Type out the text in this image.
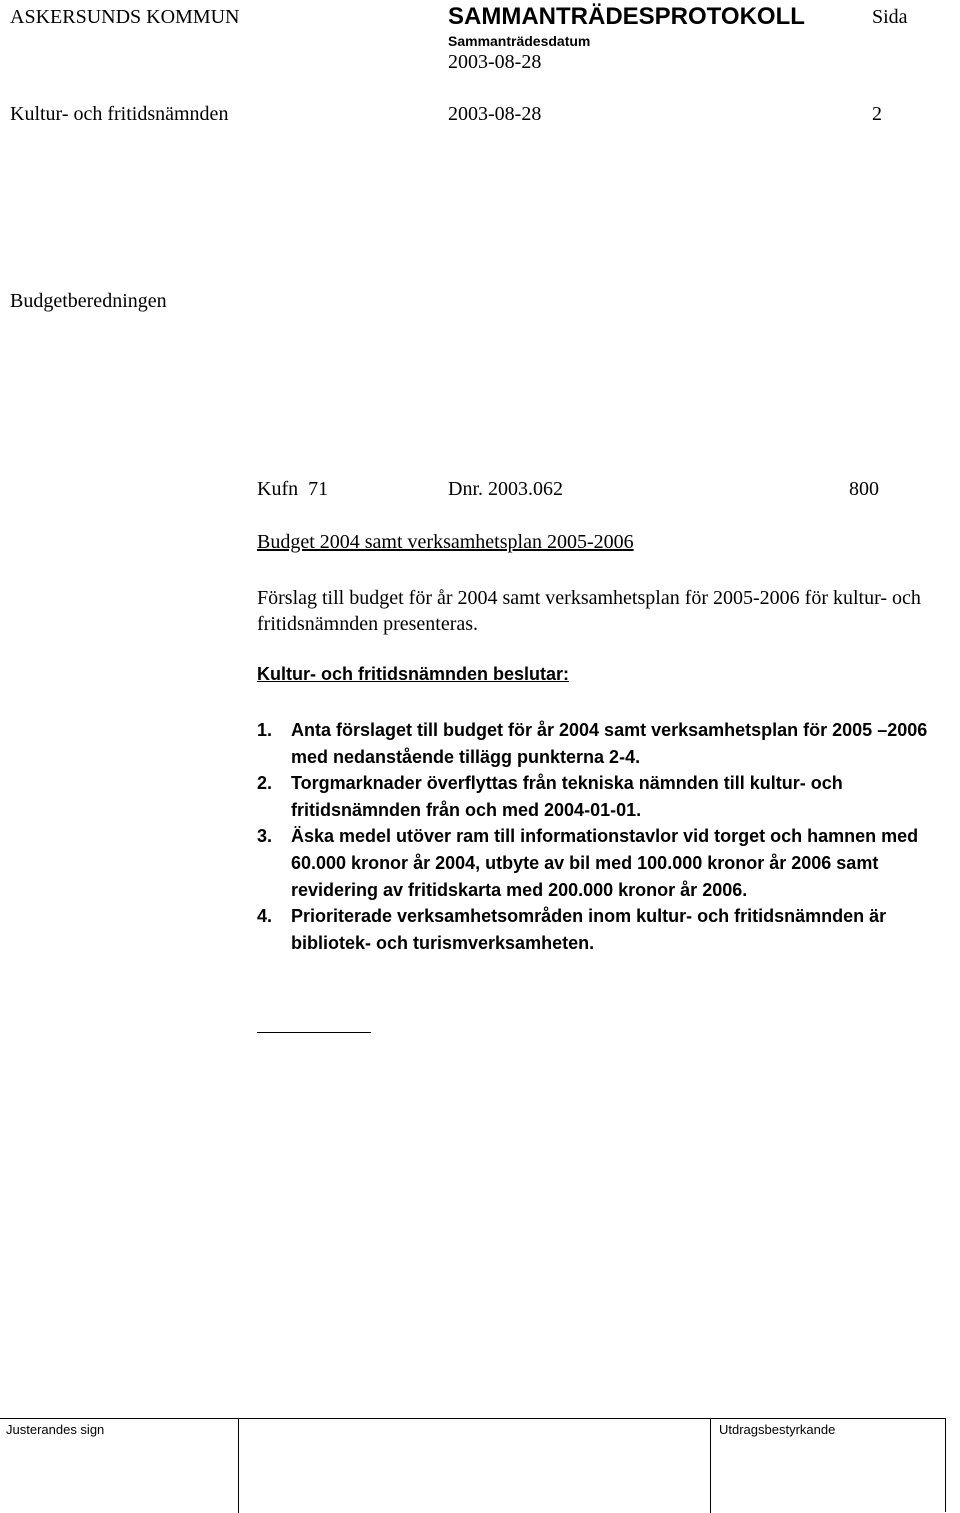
ASKERSUNDS KOMMUN	SAMMANTRÄDESPROTOKOLL	Sida
Sammanträdesdatum
2003-08-28
Kultur- och fritidsnämnden	2003-08-28	2
Budgetberedningen
Kufn  71	Dnr. 2003.062	800
Budget 2004 samt verksamhetsplan 2005-2006
Förslag till budget för år 2004 samt verksamhetsplan för 2005-2006 för kultur- och fritidsnämnden presenteras.
Kultur- och fritidsnämnden beslutar:
1. Anta förslaget till budget för år 2004 samt verksamhetsplan för 2005 –2006 med nedanstående tillägg punkterna 2-4.
2. Torgmarknader överflyttas från tekniska nämnden till kultur- och fritidsnämnden från och med 2004-01-01.
3. Äska medel utöver ram till informationstavlor vid torget och hamnen med 60.000 kronor år 2004, utbyte av bil med 100.000 kronor år 2006 samt revidering av fritidskarta med 200.000 kronor år 2006.
4. Prioriterade verksamhetsområden inom kultur- och fritidsnämnden är bibliotek- och turismverksamheten.
Justerandes sign	Utdragsbestyrkande
